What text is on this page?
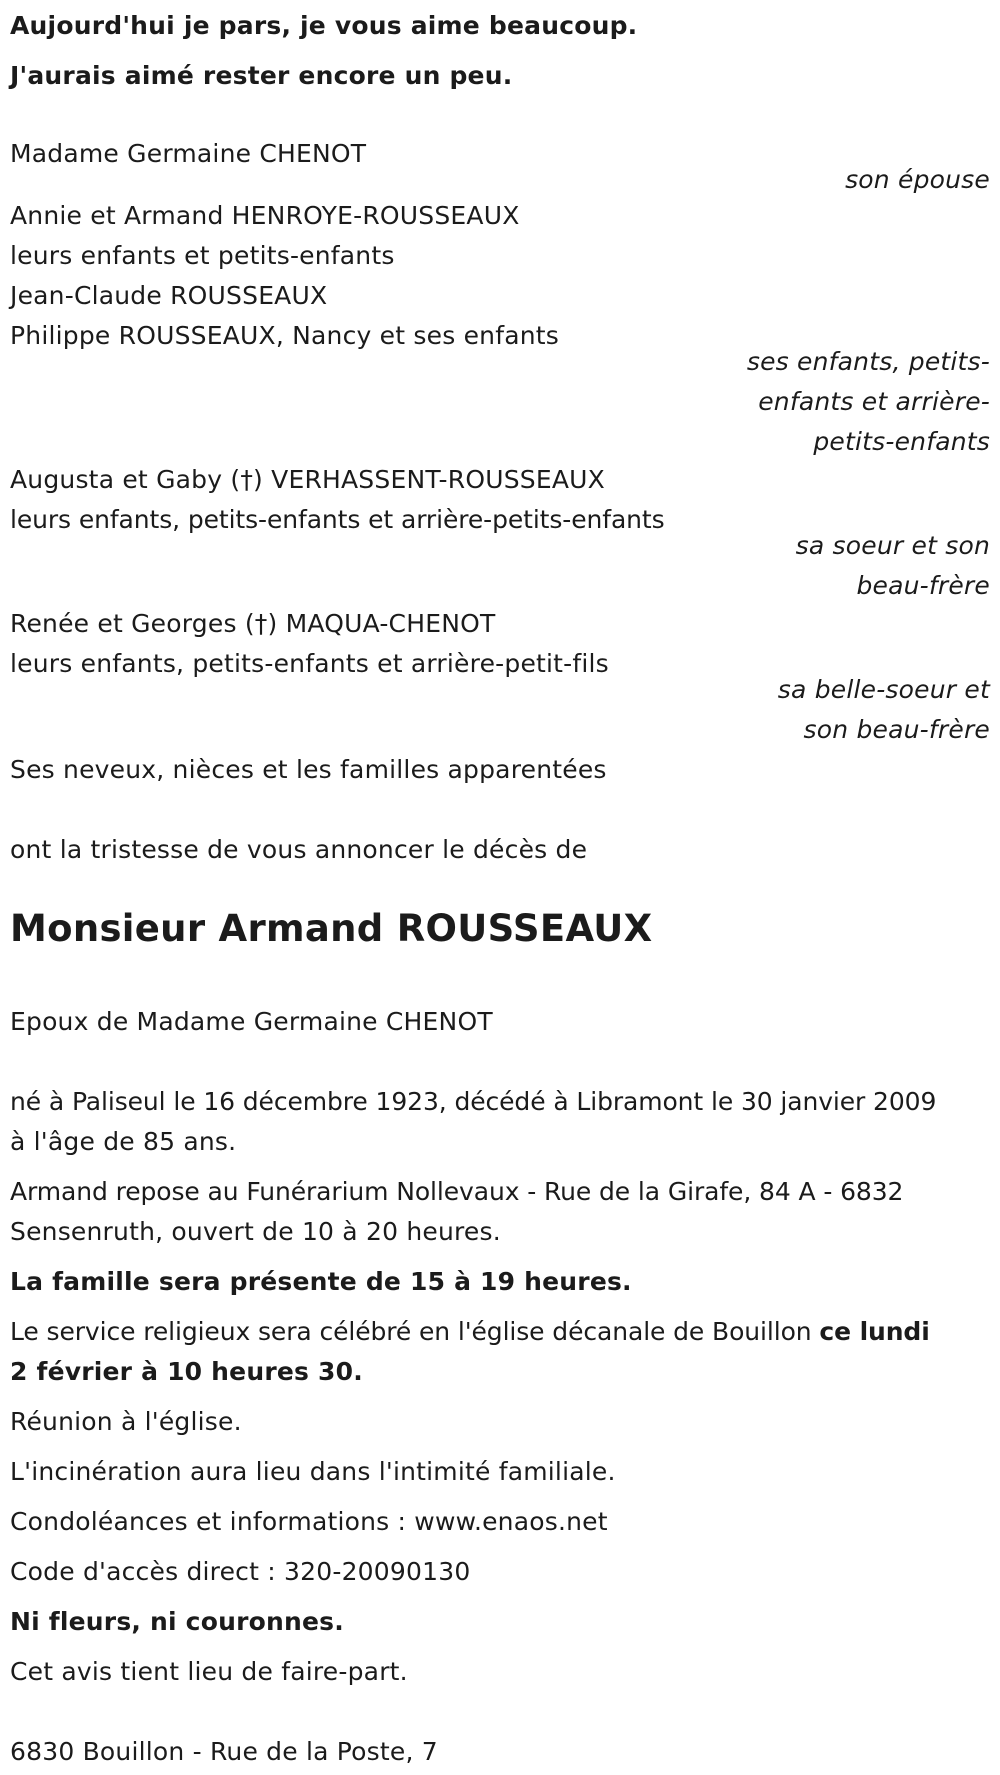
Aujourd'hui je pars, je vous aime beaucoup.
J'aurais aimé rester encore un peu.
Madame Germaine CHENOT
son épouse
Annie et Armand HENROYE-ROUSSEAUX
leurs enfants et petits-enfants
Jean-Claude ROUSSEAUX
Philippe ROUSSEAUX, Nancy et ses enfants
ses enfants, petits-
enfants et arrière-
petits-enfants
Augusta et Gaby (†) VERHASSENT-ROUSSEAUX
leurs enfants, petits-enfants et arrière-petits-enfants
sa soeur et son
beau-frère
Renée et Georges (†) MAQUA-CHENOT
leurs enfants, petits-enfants et arrière-petit-fils
sa belle-soeur et
son beau-frère
Ses neveux, nièces et les familles apparentées
ont la tristesse de vous annoncer le décès de
Monsieur Armand ROUSSEAUX
Epoux de Madame Germaine CHENOT
né à Paliseul le 16 décembre 1923, décédé à Libramont le 30 janvier 2009
à l'âge de 85 ans.
Armand repose au Funérarium Nollevaux - Rue de la Girafe, 84 A - 6832
Sensenruth, ouvert de 10 à 20 heures.
La famille sera présente de 15 à 19 heures.
Le service religieux sera célébré en l'église décanale de Bouillon ce lundi
2 février à 10 heures 30.
Réunion à l'église.
L'incinération aura lieu dans l'intimité familiale.
Condoléances et informations : www.enaos.net
Code d'accès direct : 320-20090130
Ni fleurs, ni couronnes.
Cet avis tient lieu de faire-part.
6830 Bouillon - Rue de la Poste, 7
